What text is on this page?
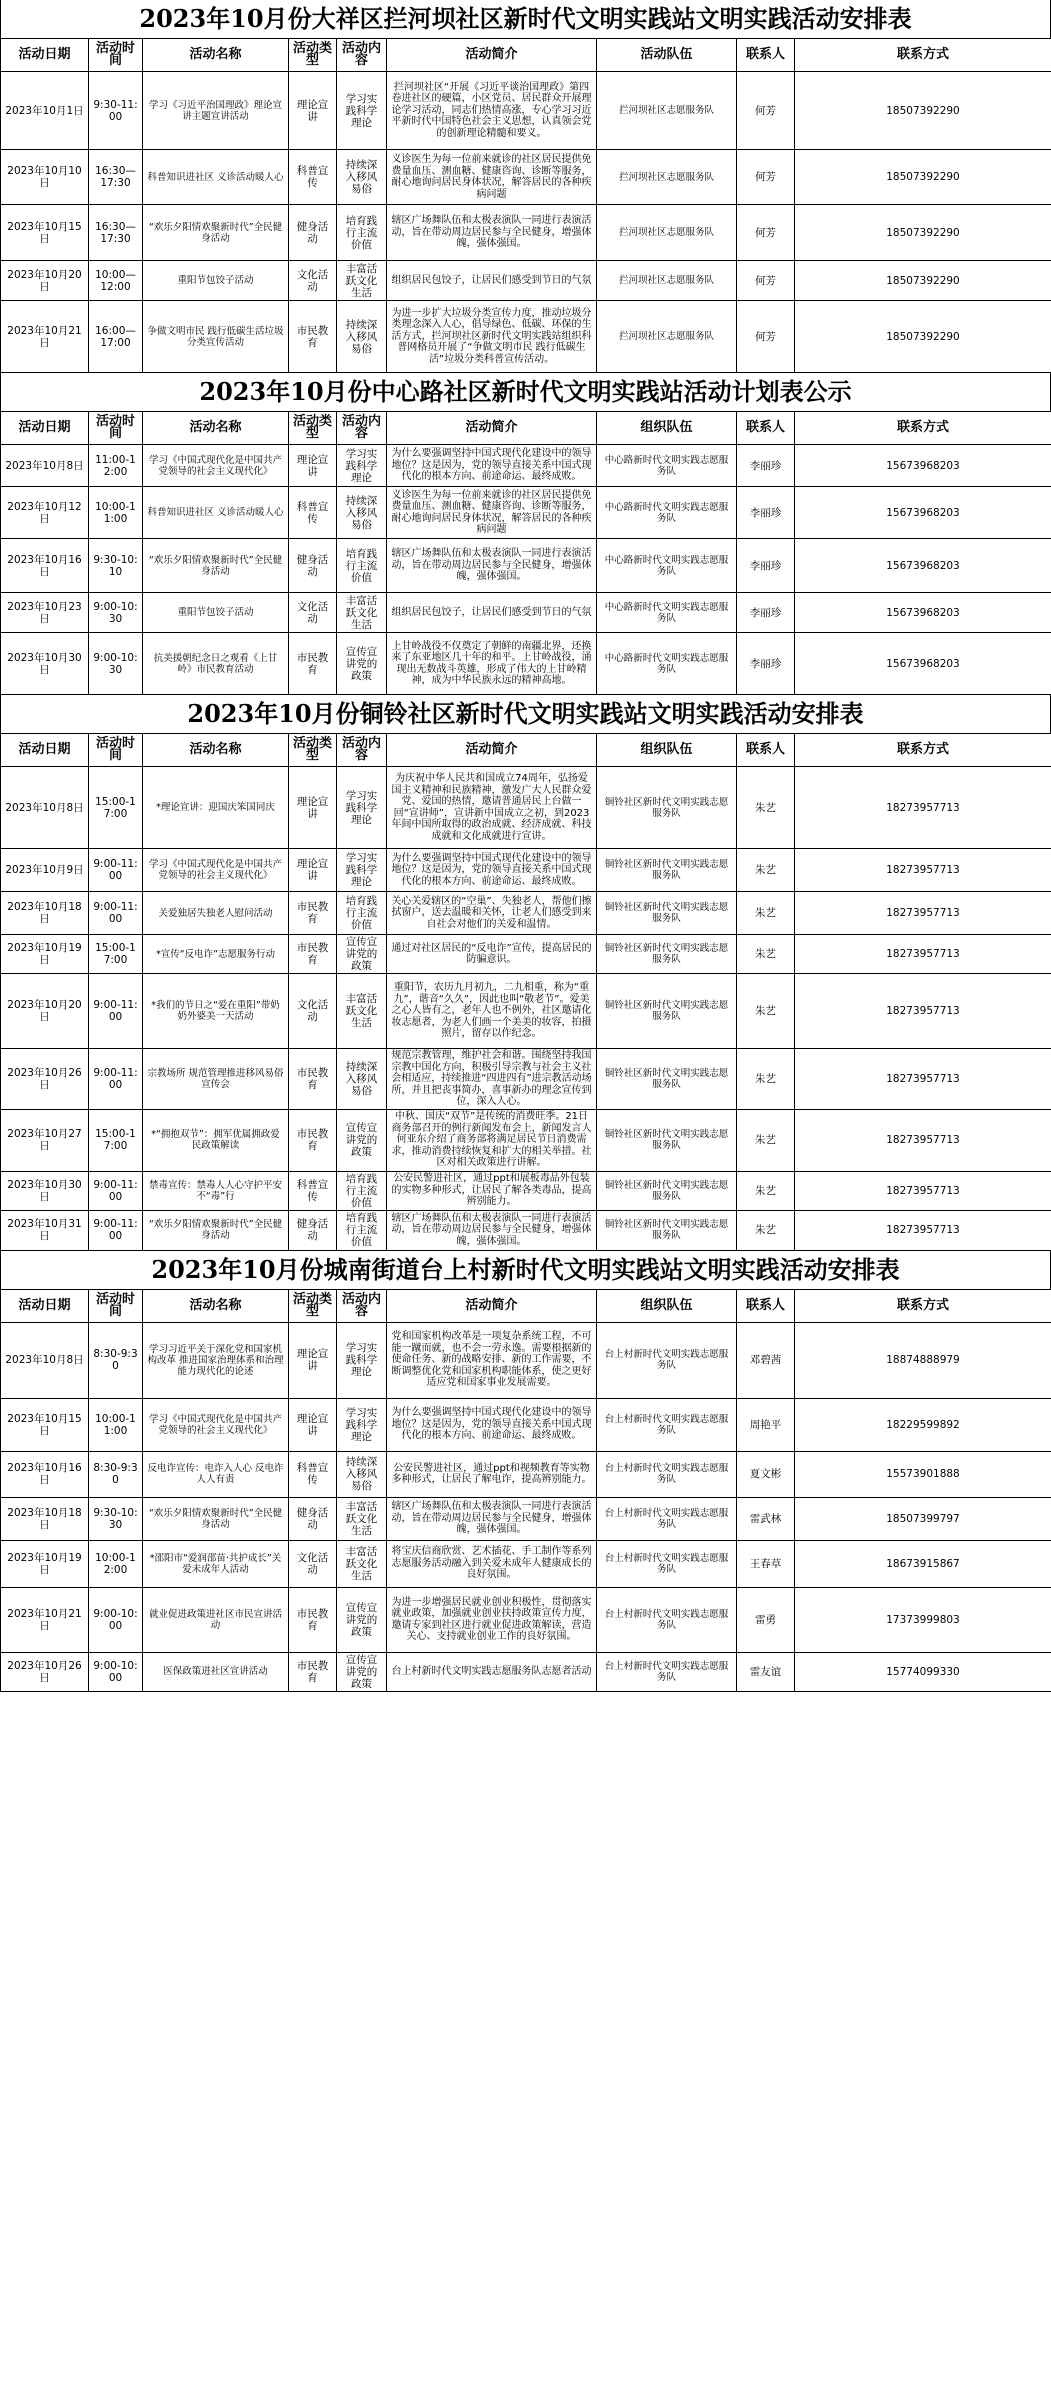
2023年10月份大祥区拦河坝社区新时代文明实践站文明实践活动安排表
活动日期	活动时间	活动名称	活动类型	活动内容	活动简介	活动队伍	联系人	联系方式
2023年10月1日	9:30-11:00	学习《习近平治国理政》理论宣讲主题宣讲活动	理论宣讲	学习实践科学理论	拦河坝社区“开展《习近平谈治国理政》第四卷进社区的硬篇，小区党员、居民群众开展理论学习活动，同志们热情高涨，专心学习习近平新时代中国特色社会主义思想，认真领会党的创新理论精髓和要义。	拦河坝社区志愿服务队	何芳	18507392290
2023年10月10日	16:30—17:30	科普知识进社区 义诊活动暖人心	科普宣传	持续深入移风易俗	义诊医生为每一位前来就诊的社区居民提供免费量血压、测血糖、健康咨询、诊断等服务，耐心地询问居民身体状况，解答居民的各种疾病问题	拦河坝社区志愿服务队	何芳	18507392290
2023年10月15日	16:30—17:30	“欢乐夕阳情欢聚新时代”全民健身活动	健身活动	培育践行主流价值	辖区广场舞队伍和太极表演队一同进行表演活动，旨在带动周边居民参与全民健身，增强体魄，强体强国。	拦河坝社区志愿服务队	何芳	18507392290
2023年10月20日	10:00—12:00	重阳节包饺子活动	文化活动	丰富活跃文化生活	组织居民包饺子，让居民们感受到节日的气氛	拦河坝社区志愿服务队	何芳	18507392290
2023年10月21日	16:00—17:00	争做文明市民 践行低碳生活垃圾分类宣传活动	市民教育	持续深入移风易俗	为进一步扩大垃圾分类宣传力度，推动垃圾分类理念深入人心，倡导绿色、低碳、环保的生活方式，拦河坝社区新时代文明实践站组织科普网格员开展了“争做文明市民 践行低碳生活”垃圾分类科普宣传活动。	拦河坝社区志愿服务队	何芳	18507392290
2023年10月份中心路社区新时代文明实践站活动计划表公示
活动日期	活动时间	活动名称	活动类型	活动内容	活动简介	组织队伍	联系人	联系方式
2023年10月8日	11:00-12:00	学习《中国式现代化是中国共产党领导的社会主义现代化》	理论宣讲	学习实践科学理论	为什么要强调坚持中国式现代化建设中的领导地位？这是因为，党的领导直接关系中国式现代化的根本方向、前途命运、最终成败。	中心路新时代文明实践志愿服务队	李丽珍	15673968203
2023年10月12日	10:00-11:00	科普知识进社区 义诊活动暖人心	科普宣传	持续深入移风易俗	义诊医生为每一位前来就诊的社区居民提供免费量血压、测血糖、健康咨询、诊断等服务，耐心地询问居民身体状况，解答居民的各种疾病问题	中心路新时代文明实践志愿服务队	李丽珍	15673968203
2023年10月16日	9:30-10:10	“欢乐夕阳情欢聚新时代”全民健身活动	健身活动	培育践行主流价值	辖区广场舞队伍和太极表演队一同进行表演活动，旨在带动周边居民参与全民健身，增强体魄，强体强国。	中心路新时代文明实践志愿服务队	李丽珍	15673968203
2023年10月23日	9:00-10:30	重阳节包饺子活动	文化活动	丰富活跃文化生活	组织居民包饺子，让居民们感受到节日的气氛	中心路新时代文明实践志愿服务队	李丽珍	15673968203
2023年10月30日	9:00-10:30	抗美援朝纪念日之观看《上甘岭》市民教育活动	市民教育	宣传宣讲党的政策	上甘岭战役不仅奠定了朝鲜的南疆北界，还换来了东亚地区几十年的和平。上甘岭战役，涌现出无数战斗英雄，形成了伟大的上甘岭精神，成为中华民族永远的精神高地。	中心路新时代文明实践志愿服务队	李丽珍	15673968203
2023年10月份铜铃社区新时代文明实践站文明实践活动安排表
活动日期	活动时间	活动名称	活动类型	活动内容	活动简介	组织队伍	联系人	联系方式
2023年10月8日	15:00-17:00	*理论宣讲：迎国庆笨国同庆	理论宣讲	学习实践科学理论	为庆祝中华人民共和国成立74周年，弘扬爱国主义精神和民族精神，激发广大人民群众爱党、爱国的热情，邀请普通居民上台做一回“宣讲师”，宣讲新中国成立之初，到2023年间中国所取得的政治成就、经济成就、科技成就和文化成就进行宣讲。	铜铃社区新时代文明实践志愿服务队	朱艺	18273957713
2023年10月9日	9:00-11:00	学习《中国式现代化是中国共产党领导的社会主义现代化》	理论宣讲	学习实践科学理论	为什么要强调坚持中国式现代化建设中的领导地位？这是因为，党的领导直接关系中国式现代化的根本方向、前途命运、最终成败。	铜铃社区新时代文明实践志愿服务队	朱艺	18273957713
2023年10月18日	9:00-11:00	关爱独居失独老人慰问活动	市民教育	培育践行主流价值	关心关爱辖区的“空巢”、失独老人，帮他们擦拭窗户，送去温暖和关怀，让老人们感受到来自社会对他们的关爱和温情。	铜铃社区新时代文明实践志愿服务队	朱艺	18273957713
2023年10月19日	15:00-17:00	*宣传“反电诈”志愿服务行动	市民教育	宣传宣讲党的政策	通过对社区居民的“反电诈”宣传，提高居民的防骗意识。	铜铃社区新时代文明实践志愿服务队	朱艺	18273957713
2023年10月20日	9:00-11:00	*我们的节日之“爱在重阳”带奶奶外婆美一天活动	文化活动	丰富活跃文化生活	重阳节，农历九月初九，二九相重，称为“重九”，谐音“久久”，因此也叫“敬老节”。爱美之心人皆有之，老年人也不例外，社区邀请化妆志愿者，为老人们画一个美美的妆容，拍摄照片，留存以作纪念。	铜铃社区新时代文明实践志愿服务队	朱艺	18273957713
2023年10月26日	9:00-11:00	宗教场所 规范管理推进移风易俗宣传会	市民教育	持续深入移风易俗	规范宗教管理，维护社会和谐。围绕坚持我国宗教中国化方向，积极引导宗教与社会主义社会相适应，持续推进“四进四有”进宗教活动场所，并且把丧事简办，喜事新办的理念宣传到位，深入人心。	铜铃社区新时代文明实践志愿服务队	朱艺	18273957713
2023年10月27日	15:00-17:00	*“拥抱双节”：拥军优属拥政爱民政策解读	市民教育	宣传宣讲党的政策	中秋、国庆“双节”是传统的消费旺季。21日商务部召开的例行新闻发布会上，新闻发言人何亚东介绍了商务部将满足居民节日消费需求，推动消费持续恢复和扩大的相关举措。社区对相关政策进行讲解。	铜铃社区新时代文明实践志愿服务队	朱艺	18273957713
2023年10月30日	9:00-11:00	禁毒宣传：禁毒人人心守护平安不“毒”行	科普宣传	培育践行主流价值	公安民警进社区，通过ppt和展板毒品外包装的实物多种形式，让居民了解各类毒品，提高辨别能力。	铜铃社区新时代文明实践志愿服务队	朱艺	18273957713
2023年10月31日	9:00-11:00	“欢乐夕阳情欢聚新时代”全民健身活动	健身活动	培育践行主流价值	辖区广场舞队伍和太极表演队一同进行表演活动，旨在带动周边居民参与全民健身，增强体魄，强体强国。	铜铃社区新时代文明实践志愿服务队	朱艺	18273957713
2023年10月份城南街道台上村新时代文明实践站文明实践活动安排表
活动日期	活动时间	活动名称	活动类型	活动内容	活动简介	组织队伍	联系人	联系方式
2023年10月8日	8:30-9:30	学习习近平关于深化党和国家机构改革 推进国家治理体系和治理能力现代化的论述	理论宣讲	学习实践科学理论	党和国家机构改革是一项复杂系统工程，不可能一蹴而就，也不会一劳永逸。需要根据新的使命任务、新的战略安排、新的工作需要，不断调整优化党和国家机构职能体系，使之更好适应党和国家事业发展需要。	台上村新时代文明实践志愿服务队	邓碧茜	18874888979
2023年10月15日	10:00-11:00	学习《中国式现代化是中国共产党领导的社会主义现代化》	理论宣讲	学习实践科学理论	为什么要强调坚持中国式现代化建设中的领导地位？这是因为，党的领导直接关系中国式现代化的根本方向、前途命运、最终成败。	台上村新时代文明实践志愿服务队	周艳平	18229599892
2023年10月16日	8:30-9:30	反电诈宣传：电诈入人心 反电诈人人有责	科普宣传	持续深入移风易俗	公安民警进社区，通过ppt和视频教育等实物多种形式，让居民了解电诈，提高辨别能力。	台上村新时代文明实践志愿服务队	夏文彬	15573901888
2023年10月18日	9:30-10:30	“欢乐夕阳情欢聚新时代”全民健身活动	健身活动	丰富活跃文化生活	辖区广场舞队伍和太极表演队一同进行表演活动，旨在带动周边居民参与全民健身，增强体魄，强体强国。	台上村新时代文明实践志愿服务队	雷武林	18507399797
2023年10月19日	10:00-12:00	*邵阳市“爱润邵苗·共护成长”关爱未成年人活动	文化活动	丰富活跃文化生活	将宝庆信商欣赏、艺术插花、手工制作等系列志愿服务活动融入到关爱未成年人健康成长的良好氛围。	台上村新时代文明实践志愿服务队	王春草	18673915867
2023年10月21日	9:00-10:00	就业促进政策进社区市民宣讲活动	市民教育	宣传宣讲党的政策	为进一步增强居民就业创业积极性，贯彻落实就业政策，加强就业创业扶持政策宣传力度，邀请专家到社区进行就业促进政策解读，营造关心、支持就业创业工作的良好氛围。	台上村新时代文明实践志愿服务队	雷勇	17373999803
2023年10月26日	9:00-10:00	医保政策进社区宣讲活动	市民教育	宣传宣讲党的政策	台上村新时代文明实践志愿服务队志愿者活动	台上村新时代文明实践志愿服务队	雷友谊	15774099330
